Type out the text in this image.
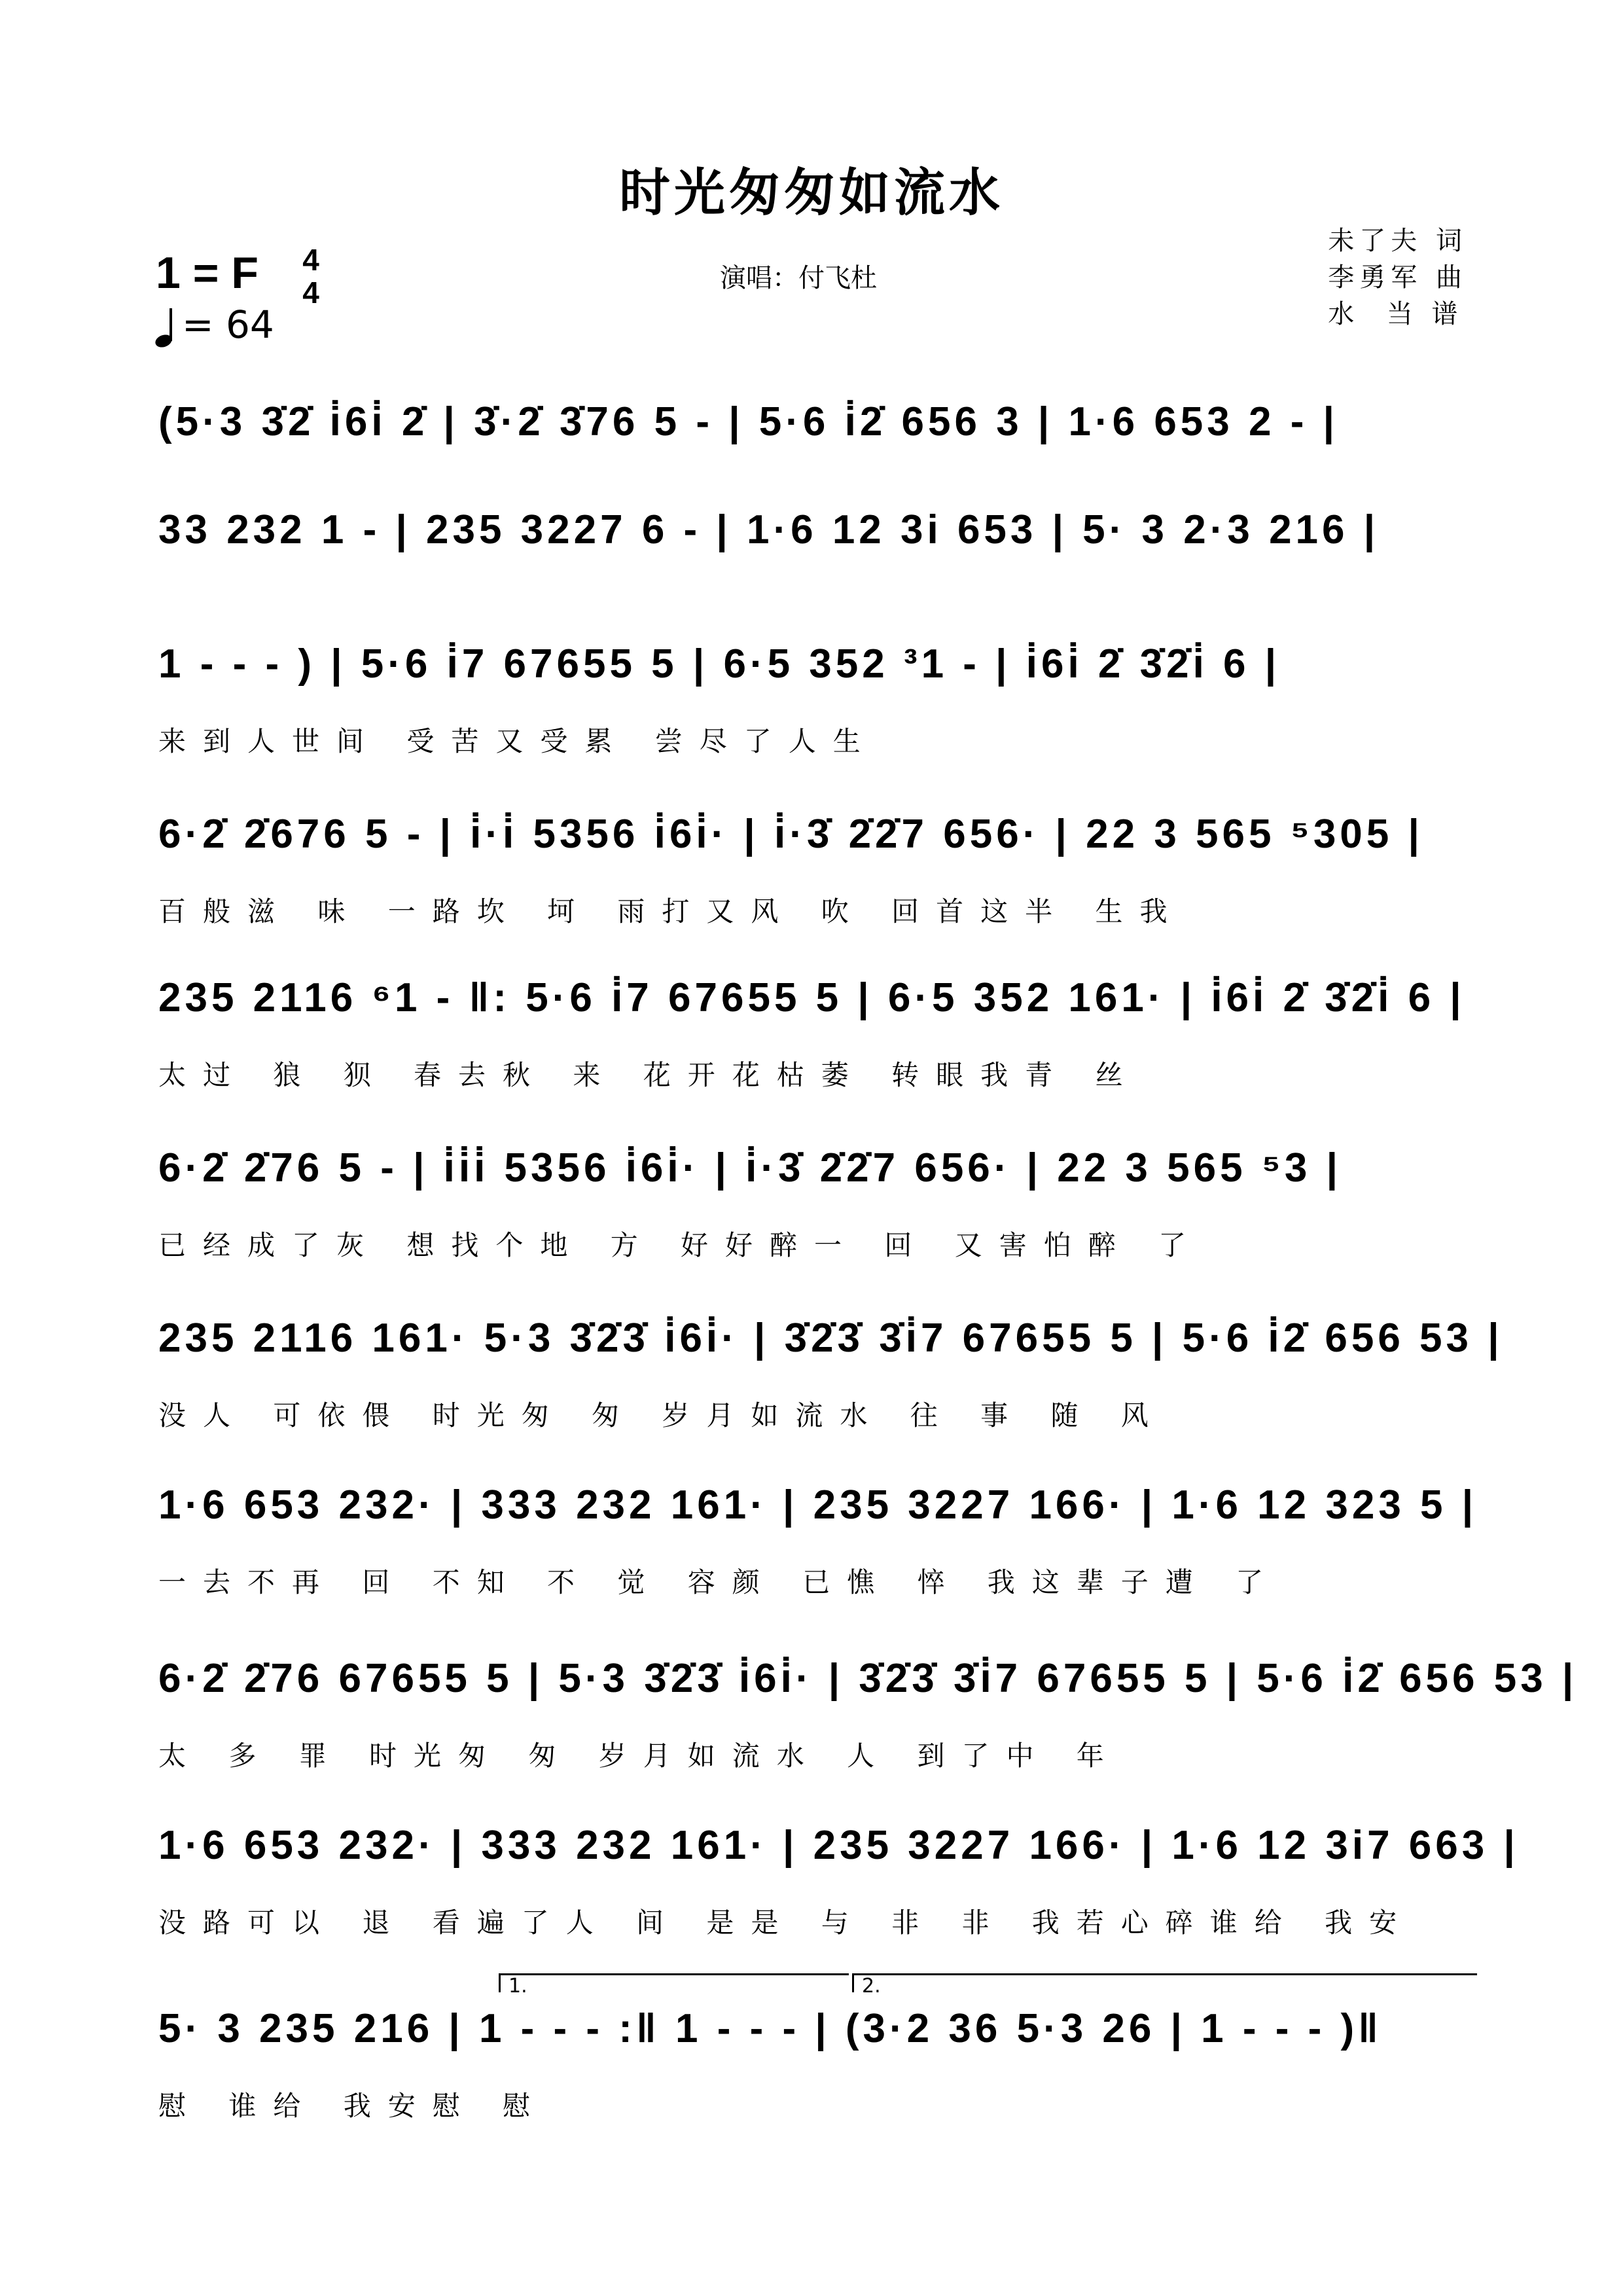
时光匆匆如流水
1 = F 4
4
= 64
演唱：付飞杜
未了夫 词
李勇军 曲
水  当 谱
(5·3 3̇2̇ i̇6i̇ 2̇ | 3̇·2̇ 3̇76 5 - | 5·6 i̇2̇ 656 3 | 1·6 653 2 - |
33 232 1 - | 235 3227 6 - | 1·6 12 3i 653 | 5· 3 2·3 216 |
1 - - - ) | 5·6 i̇7 67655 5 | 6·5 352 ³1 - | i̇6i̇ 2̇ 3̇2̇i̇ 6 |
来到人世间 受苦又受累 尝尽了人生
6·2̇ 2̇676 5 - | i̇·i̇ 5356 i̇6i̇· | i̇·3̇ 2̇2̇7 656· | 22 3 565 ⁵305 |
百般滋 味 一路坎 坷 雨打又风 吹 回首这半 生我
235 2116 ⁶1 - ‖: 5·6 i̇7 67655 5 | 6·5 352 161· | i̇6i̇ 2̇ 3̇2̇i̇ 6 |
太过 狼 狈 春去秋 来 花开花枯萎 转眼我青 丝
6·2̇ 2̇76 5 - | i̇i̇i̇ 5356 i̇6i̇· | i̇·3̇ 2̇2̇7 656· | 22 3 565 ⁵3 |
已经成了灰 想找个地 方 好好醉一 回 又害怕醉 了
235 2116 161· 5·3 3̇2̇3̇ i̇6i̇· | 3̇2̇3̇ 3̇i̇7 67655 5 | 5·6 i̇2̇ 656 53 |
没人 可依偎 时光匆 匆 岁月如流水 往 事 随 风
1·6 653 232· | 333 232 161· | 235 3227 166· | 1·6 12 323 5 |
一去不再 回 不知 不 觉 容颜 已憔 悴 我这辈子遭 了
6·2̇ 2̇76 67655 5 | 5·3 3̇2̇3̇ i̇6i̇· | 3̇2̇3̇ 3̇i̇7 67655 5 | 5·6 i̇2̇ 656 53 |
太 多 罪 时光匆 匆 岁月如流水 人 到了中 年
1·6 653 232· | 333 232 161· | 235 3227 166· | 1·6 12 3i7 663 |
没路可以 退 看遍了人 间 是是 与 非 非 我若心碎谁给 我安
1.	2.
5· 3 235 216 | 1 - - - :‖ 1 - - - | (3·2 36 5·3 26 | 1 - - - )‖
慰 谁给 我安慰 慰
